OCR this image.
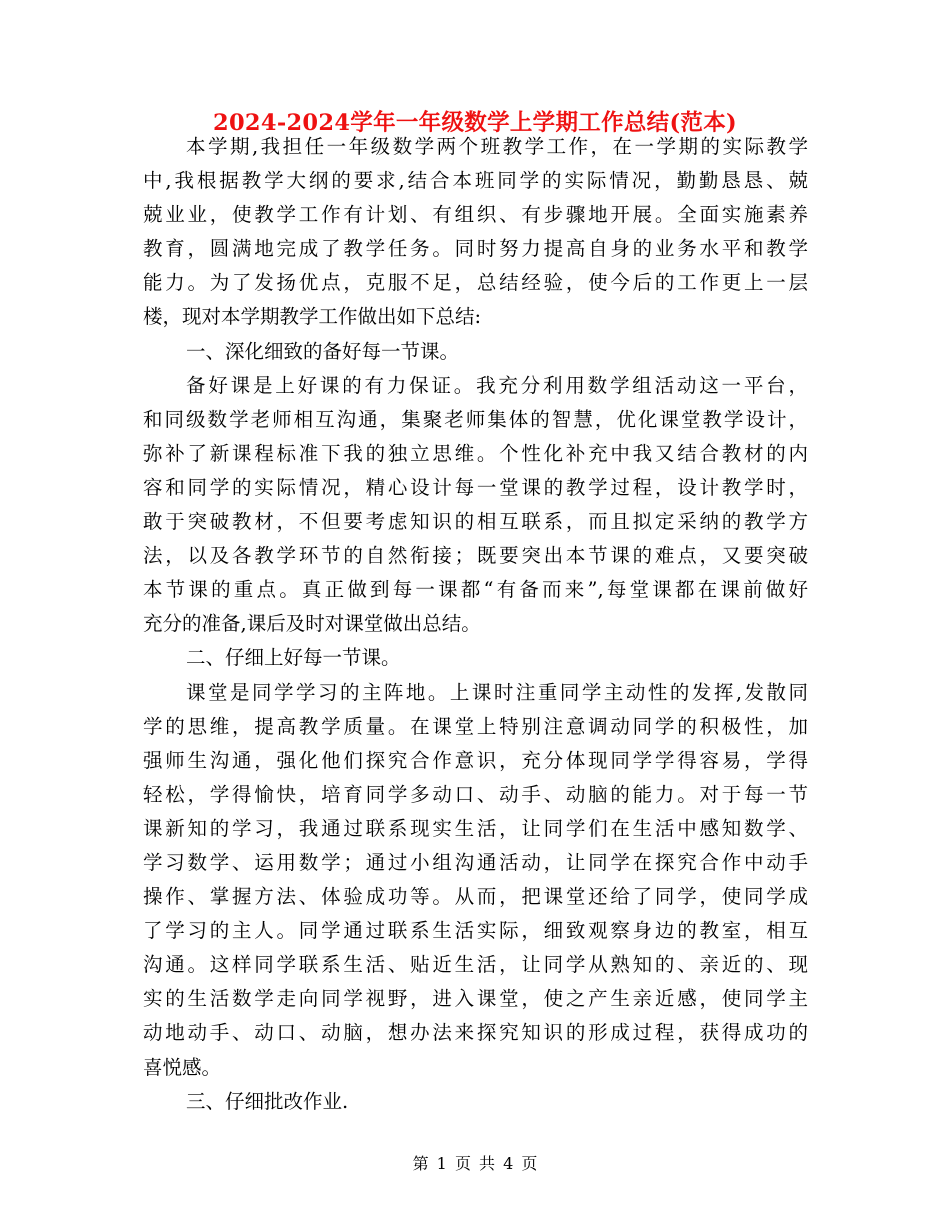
2024-2024学年一年级数学上学期工作总结(范本)
本学期,我担任一年级数学两个班教学工作，在一学期的实际教学
中,我根据教学大纲的要求,结合本班同学的实际情况，勤勤恳恳、兢
兢业业，使教学工作有计划、有组织、有步骤地开展。全面实施素养
教育，圆满地完成了教学任务。同时努力提高自身的业务水平和教学
能力。为了发扬优点，克服不足，总结经验，使今后的工作更上一层
楼，现对本学期教学工作做出如下总结:
一、深化细致的备好每一节课。
备好课是上好课的有力保证。我充分利用数学组活动这一平台，
和同级数学老师相互沟通，集聚老师集体的智慧，优化课堂教学设计，
弥补了新课程标准下我的独立思维。个性化补充中我又结合教材的内
容和同学的实际情况，精心设计每一堂课的教学过程，设计教学时，
敢于突破教材，不但要考虑知识的相互联系，而且拟定采纳的教学方
法，以及各教学环节的自然衔接；既要突出本节课的难点，又要突破
本节课的重点。真正做到每一课都“有备而来”,每堂课都在课前做好
充分的准备,课后及时对课堂做出总结。
二、仔细上好每一节课。
课堂是同学学习的主阵地。上课时注重同学主动性的发挥,发散同
学的思维，提高教学质量。在课堂上特别注意调动同学的积极性，加
强师生沟通，强化他们探究合作意识，充分体现同学学得容易，学得
轻松，学得愉快，培育同学多动口、动手、动脑的能力。对于每一节
课新知的学习，我通过联系现实生活，让同学们在生活中感知数学、
学习数学、运用数学；通过小组沟通活动，让同学在探究合作中动手
操作、掌握方法、体验成功等。从而，把课堂还给了同学，使同学成
了学习的主人。同学通过联系生活实际，细致观察身边的教室，相互
沟通。这样同学联系生活、贴近生活，让同学从熟知的、亲近的、现
实的生活数学走向同学视野，进入课堂，使之产生亲近感，使同学主
动地动手、动口、动脑，想办法来探究知识的形成过程，获得成功的
喜悦感。
三、仔细批改作业.
第 1 页 共 4 页
